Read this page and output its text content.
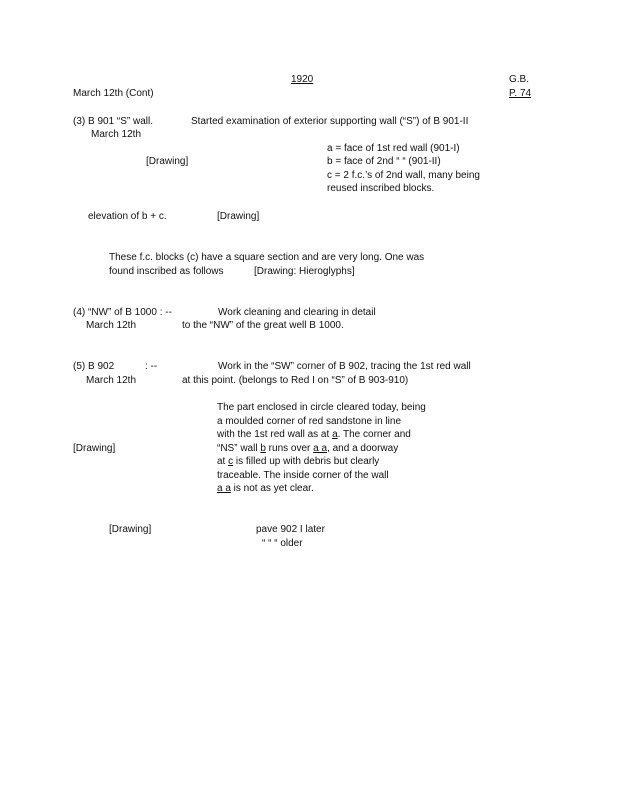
1920	G.B.
March 12th (Cont)	P. 74
(3) B 901 “S” wall.	Started examination of exterior supporting wall (“S”) of B 901-II
March 12th
[Drawing]
a = face of 1st red wall (901-I)
b = face of 2nd “ “ (901-II)
c = 2 f.c.’s of 2nd wall, many being
reused inscribed blocks.
elevation of b + c.	[Drawing]
These f.c. blocks (c) have a square section and are very long. One was
found inscribed as follows	[Drawing: Hieroglyphs]
(4) “NW” of B 1000 : --	Work cleaning and clearing in detail
March 12th	to the “NW” of the great well B 1000.
(5) B 902	: --	Work in the “SW” corner of B 902, tracing the 1st red wall
March 12th	at this point. (belongs to Red I on “S” of B 903-910)
The part enclosed in circle cleared today, being
a moulded corner of red sandstone in line
with the 1st red wall as at a. The corner and
[Drawing]	“NS” wall b runs over a a, and a doorway
at c is filled up with debris but clearly
traceable. The inside corner of the wall
a a is not as yet clear.
[Drawing]	pave 902 I later
“ “ “ older
